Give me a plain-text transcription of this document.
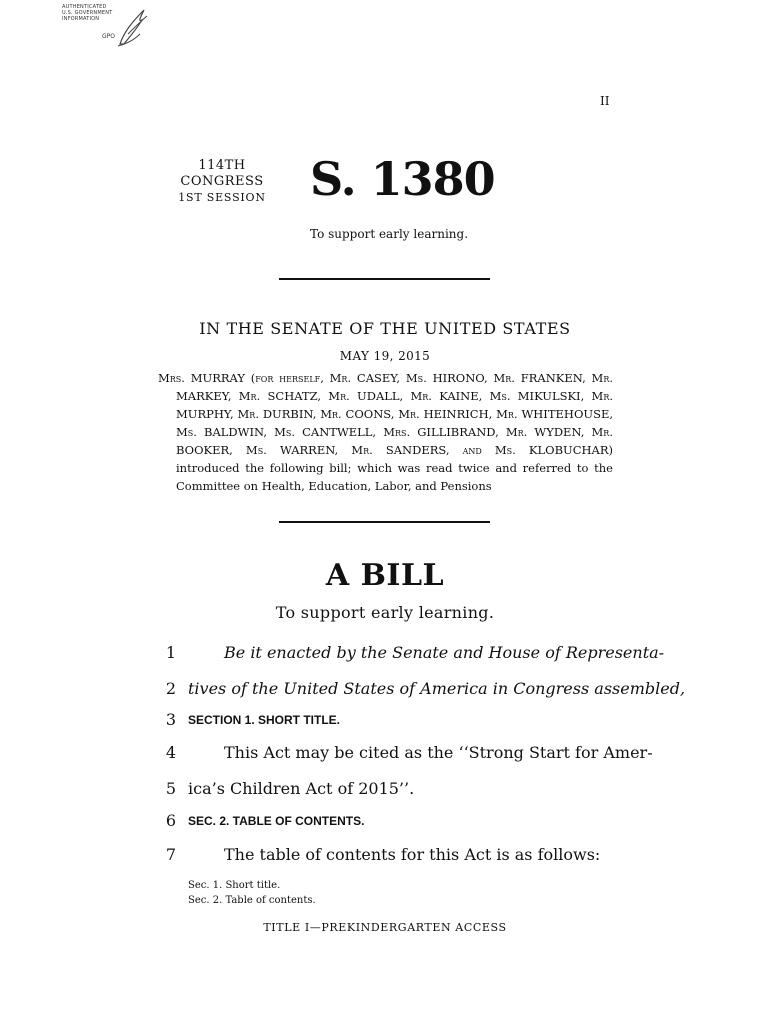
AUTHENTICATED
U.S. GOVERNMENT
INFORMATION
GPO
II
114TH CONGRESS
1ST SESSION S. 1380
To support early learning.
IN THE SENATE OF THE UNITED STATES
MAY 19, 2015

Mrs. MURRAY (for herself, Mr. CASEY, Ms. HIRONO, Mr. FRANKEN, Mr. MARKEY, Mr. SCHATZ, Mr. UDALL, Mr. KAINE, Ms. MIKULSKI, Mr. MURPHY, Mr. DURBIN, Mr. COONS, Mr. HEINRICH, Mr. WHITEHOUSE, Ms. BALDWIN, Ms. CANTWELL, Mrs. GILLIBRAND, Mr. WYDEN, Mr. BOOKER, Ms. WARREN, Mr. SANDERS, and Ms. KLOBUCHAR) introduced the following bill; which was read twice and referred to the Committee on Health, Education, Labor, and Pensions

A BILL
To support early learning.
1	Be it enacted by the Senate and House of Representa-
2 tives of the United States of America in Congress assembled,
3 SECTION 1. SHORT TITLE.
4	This Act may be cited as the ‘‘Strong Start for Amer-
5 ica’s Children Act of 2015’’.
6 SEC. 2. TABLE OF CONTENTS.
7	The table of contents for this Act is as follows:
Sec. 1. Short title.
Sec. 2. Table of contents.
TITLE I—PREKINDERGARTEN ACCESS
